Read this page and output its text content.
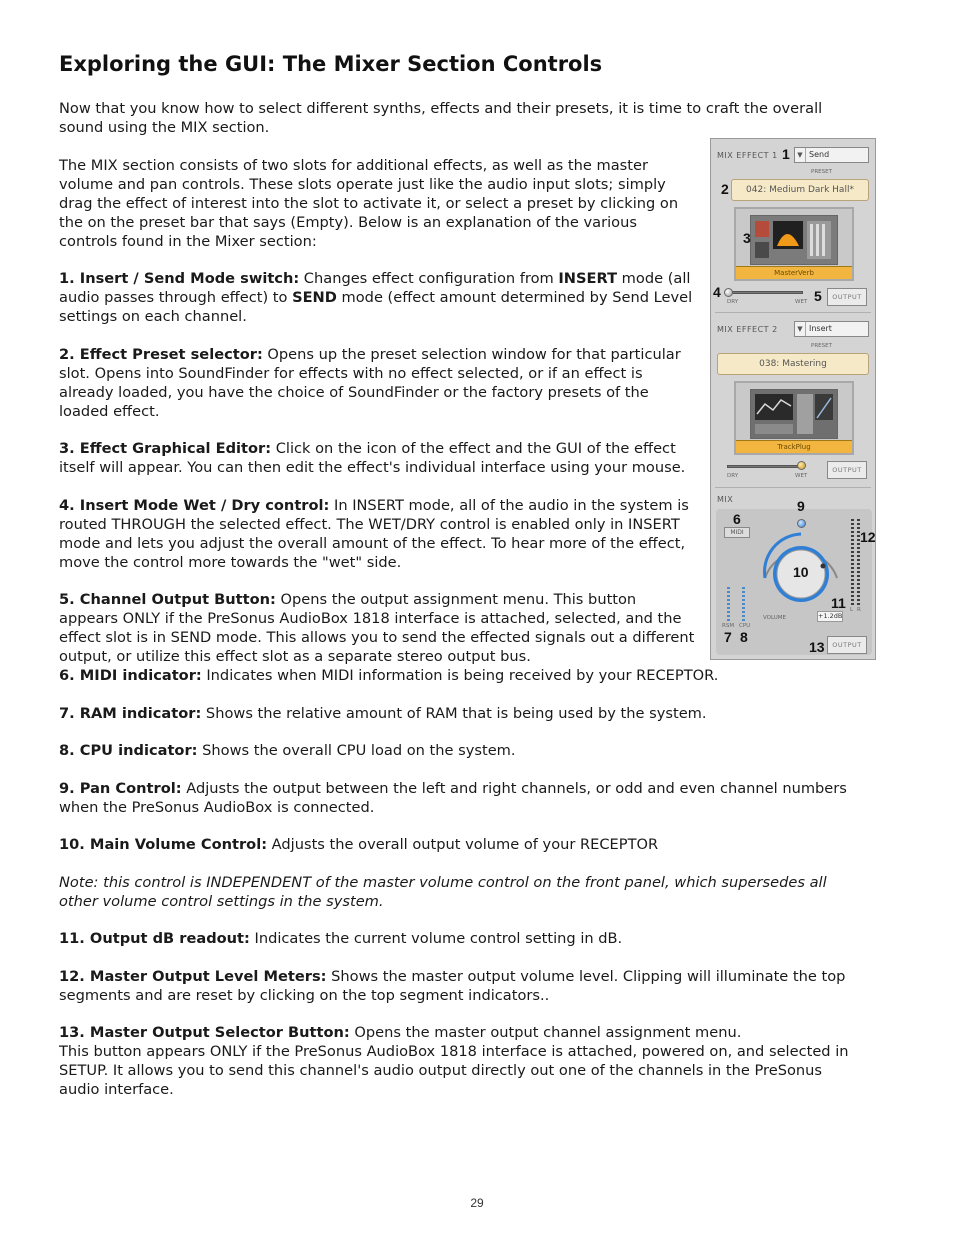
Exploring the GUI: The Mixer Section Controls

Now that you know how to select different synths, effects and their presets, it is time to craft the overall sound using the MIX section.

The MIX section consists of two slots for additional effects, as well as the master volume and pan controls. These slots operate just like the audio input slots; simply drag the effect of interest into the slot to activate it, or select a preset by clicking on the on the preset bar that says (Empty). Below is an explanation of the various controls found in the Mixer section:

1. Insert / Send Mode switch: Changes effect configuration from INSERT mode (all audio passes through effect) to SEND mode (effect amount determined by Send Level settings on each channel.

2. Effect Preset selector: Opens up the preset selection window for that particular slot. Opens into SoundFinder for effects with no effect selected, or if an effect is already loaded, you have the choice of SoundFinder or the factory presets of the loaded effect.

3. Effect Graphical Editor: Click on the icon of the effect and the GUI of the effect itself will appear. You can then edit the effect's individual interface using your mouse.

4. Insert Mode Wet / Dry control: In INSERT mode, all of the audio in the system is routed THROUGH the selected effect. The WET/DRY control is enabled only in INSERT mode and lets you adjust the overall amount of the effect. To hear more of the effect, move the control more towards the "wet" side.

5. Channel Output Button: Opens the output assignment menu. This button appears ONLY if the PreSonus AudioBox 1818 interface is attached, selected, and the effect slot is in SEND mode. This allows you to send the effected signals out a different output, or utilize this effect slot as a separate stereo output bus.

6. MIDI indicator: Indicates when MIDI information is being received by your RECEPTOR.

7. RAM indicator: Shows the relative amount of RAM that is being used by the system.

8. CPU indicator: Shows the overall CPU load on the system.

9. Pan Control: Adjusts the output between the left and right channels, or odd and even channel numbers when the PreSonus AudioBox is connected.

10. Main Volume Control: Adjusts the overall output volume of your RECEPTOR

Note: this control is INDEPENDENT of the master volume control on the front panel, which supersedes all other volume control settings in the system.

11. Output dB readout: Indicates the current volume control setting in dB.

12. Master Output Level Meters: Shows the master output volume level. Clipping will illuminate the top segments and are reset by clicking on the top segment indicators..

13. Master Output Selector Button: Opens the master output channel assignment menu.
This button appears ONLY if the PreSonus AudioBox 1818 interface is attached, powered on, and selected in SETUP. It allows you to send this channel's audio output directly out one of the channels in the PreSonus audio interface.

MIX EFFECT 1 1	▼ Send
PRESET
2	042: Medium Dark Hall*
MasterVerb
3
4
DRY	WET 5	OUTPUT
MIX EFFECT 2	▼ Insert
PRESET
038: Mastering
TrackPlug
DRY	WET
OUTPUT
MIX
6
MIDI
9
10
RSM CPU
7 8
VOLUME
11
+1.2dB
L R
12
13	OUTPUT
29
